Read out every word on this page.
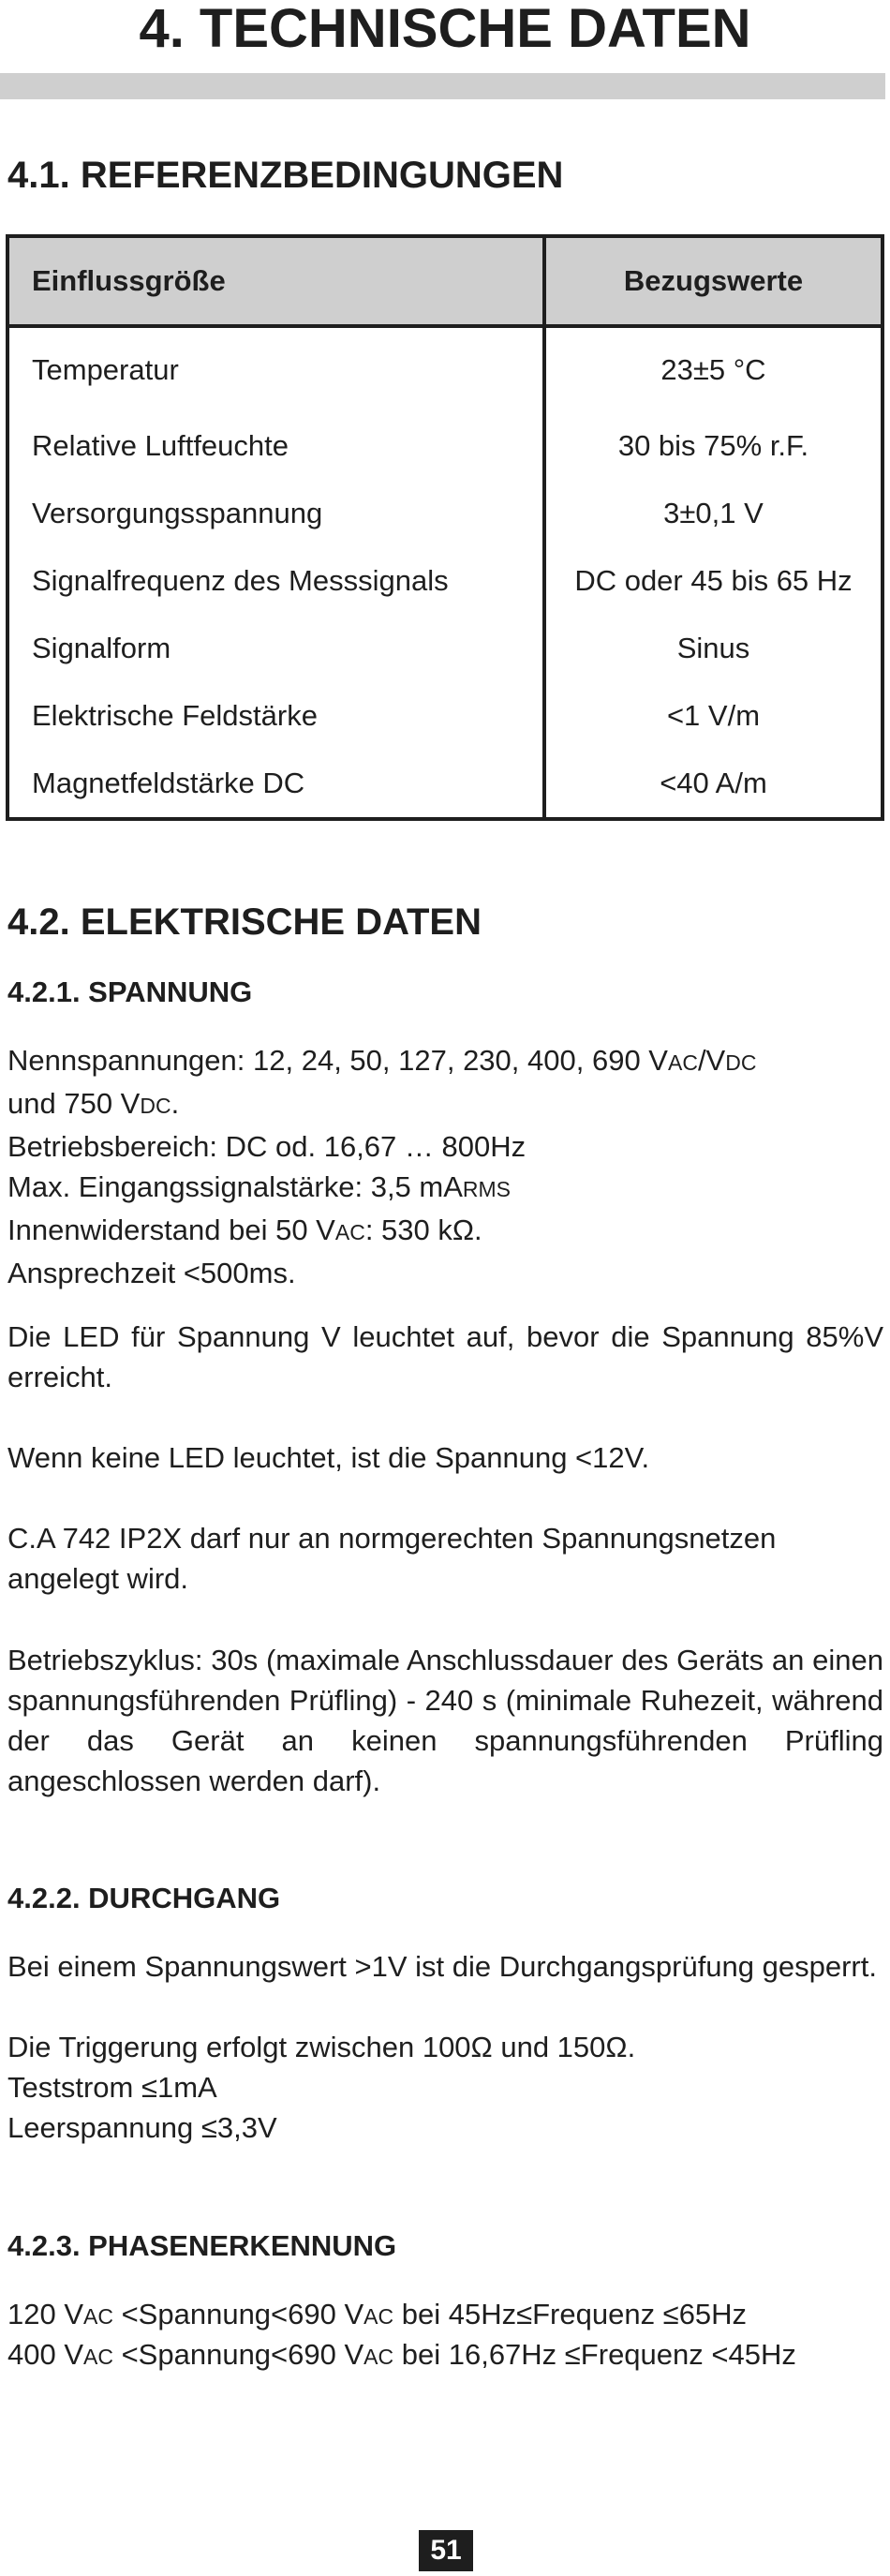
4. TECHNISCHE DATEN
4.1. REFERENZBEDINGUNGEN
Einflussgröße	Bezugswerte
Temperatur	23±5 °C
Relative Luftfeuchte	30 bis 75% r.F.
Versorgungsspannung	3±0,1 V
Signalfrequenz des Messsignals	DC oder 45 bis 65 Hz
Signalform	Sinus
Elektrische Feldstärke	<1 V/m
Magnetfeldstärke DC	<40 A/m
4.2. ELEKTRISCHE DATEN
4.2.1. SPANNUNG
Nennspannungen: 12, 24, 50, 127, 230, 400, 690 VAC/VDC
und 750 VDC.
Betriebsbereich: DC od. 16,67 … 800Hz
Max. Eingangssignalstärke: 3,5 mARMS
Innenwiderstand bei 50 VAC: 530 kΩ.
Ansprechzeit <500ms.

Die LED für Spannung V leuchtet auf, bevor die Spannung 85%V erreicht.

Wenn keine LED leuchtet, ist die Spannung <12V.

C.A 742 IP2X darf nur an normgerechten Spannungsnetzen angelegt wird.

Betriebszyklus: 30s (maximale Anschlussdauer des Geräts an einen spannungsführenden Prüfling) - 240 s (minimale Ruhezeit, während der das Gerät an keinen spannungsführenden Prüfling angeschlossen werden darf).

4.2.2. DURCHGANG

Bei einem Spannungswert >1V ist die Durchgangsprüfung gesperrt.

Die Triggerung erfolgt zwischen 100Ω und 150Ω.

Teststrom ≤1mA

Leerspannung ≤3,3V

4.2.3. PHASENERKENNUNG
120 VAC <Spannung<690 VAC bei 45Hz≤Frequenz ≤65Hz
400 VAC <Spannung<690 VAC bei 16,67Hz ≤Frequenz <45Hz
51
